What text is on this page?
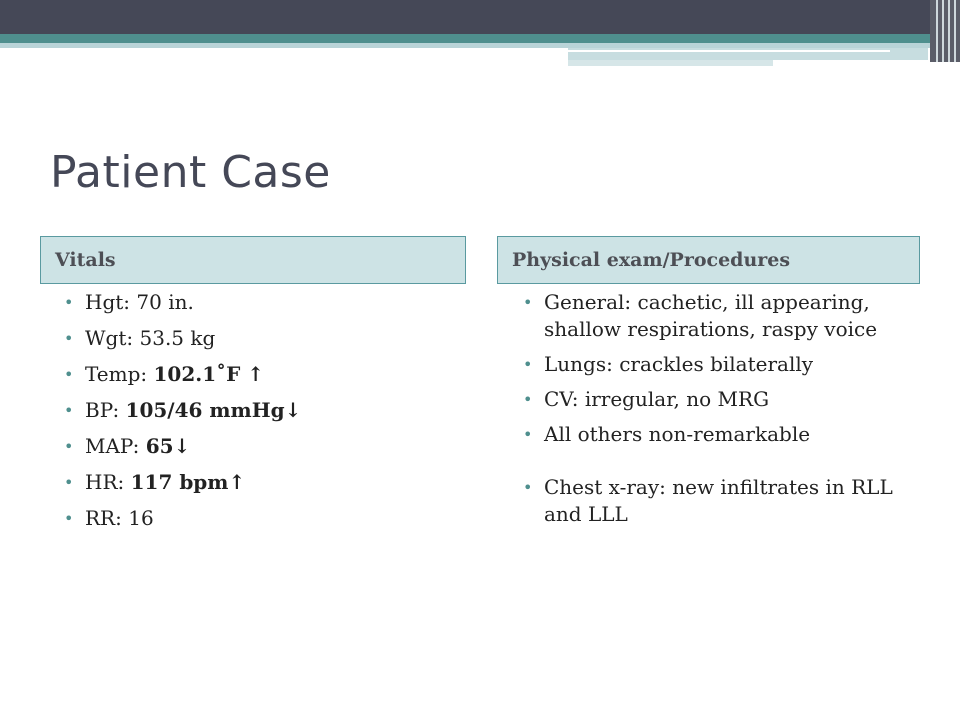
Patient Case
Vitals	Physical exam/Procedures
• Hgt: 70 in.
• Wgt: 53.5 kg
• Temp: 102.1˚F ↑
• BP: 105/46 mmHg↓
• MAP: 65↓
• HR: 117 bpm↑
• RR: 16
• General: cachetic, ill appearing, shallow respirations, raspy voice
• Lungs: crackles bilaterally
• CV: irregular, no MRG
• All others non-remarkable
• Chest x-ray: new infiltrates in RLL and LLL
